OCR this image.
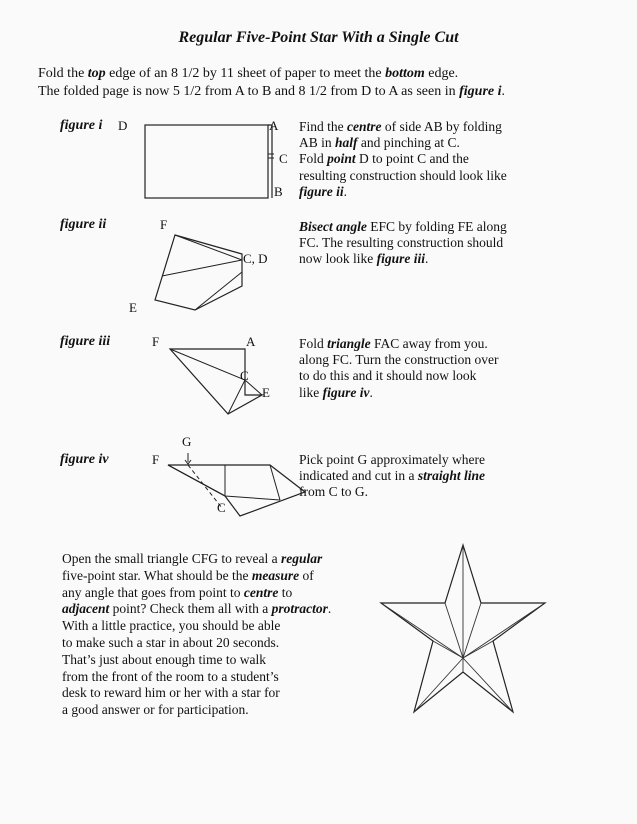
Regular Five-Point Star With a Single Cut
Fold the top edge of an 8 1/2 by 11 sheet of paper to meet the bottom edge.
The folded page is now 5 1/2 from A to B and 8 1/2 from D to A as seen in figure i.
figure i D	A
C
B

Find the centre of side AB by folding

AB in half and pinching at C.

Fold point D to point C and the

resulting construction should look like

figure ii.

figure ii	F
C, D
E

Bisect angle EFC by folding FE along

FC. The resulting construction should

now look like figure iii.

figure iii	F	A
C
E

Fold triangle FAC away from you.

along FC. Turn the construction over

to do this and it should now look

like figure iv.

figure iv
G
F
C

Pick point G approximately where

indicated and cut in a straight line

from C to G.

Open the small triangle CFG to reveal a regular

five-point star. What should be the measure of

any angle that goes from point to centre to

adjacent point? Check them all with a protractor.

With a little practice, you should be able

to make such a star in about 20 seconds.

That’s just about enough time to walk

from the front of the room to a student’s

desk to reward him or her with a star for

a good answer or for participation.
